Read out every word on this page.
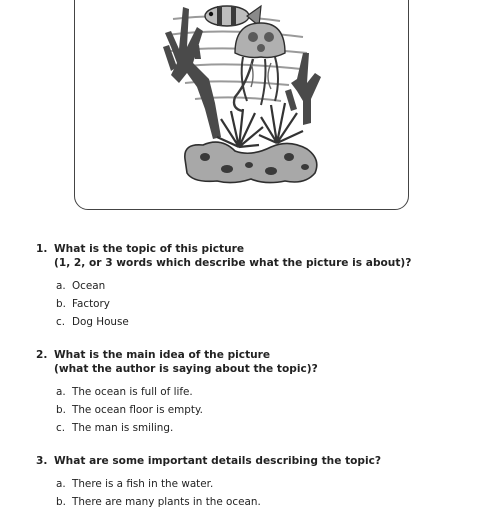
1. What is the topic of this picture
(1, 2, or 3 words which describe what the picture is about)?
a. Ocean
b. Factory
c. Dog House
2. What is the main idea of the picture
(what the author is saying about the topic)?
a. The ocean is full of life.
b. The ocean floor is empty.
c. The man is smiling.
3. What are some important details describing the topic?
a. There is a fish in the water.
b. There are many plants in the ocean.
